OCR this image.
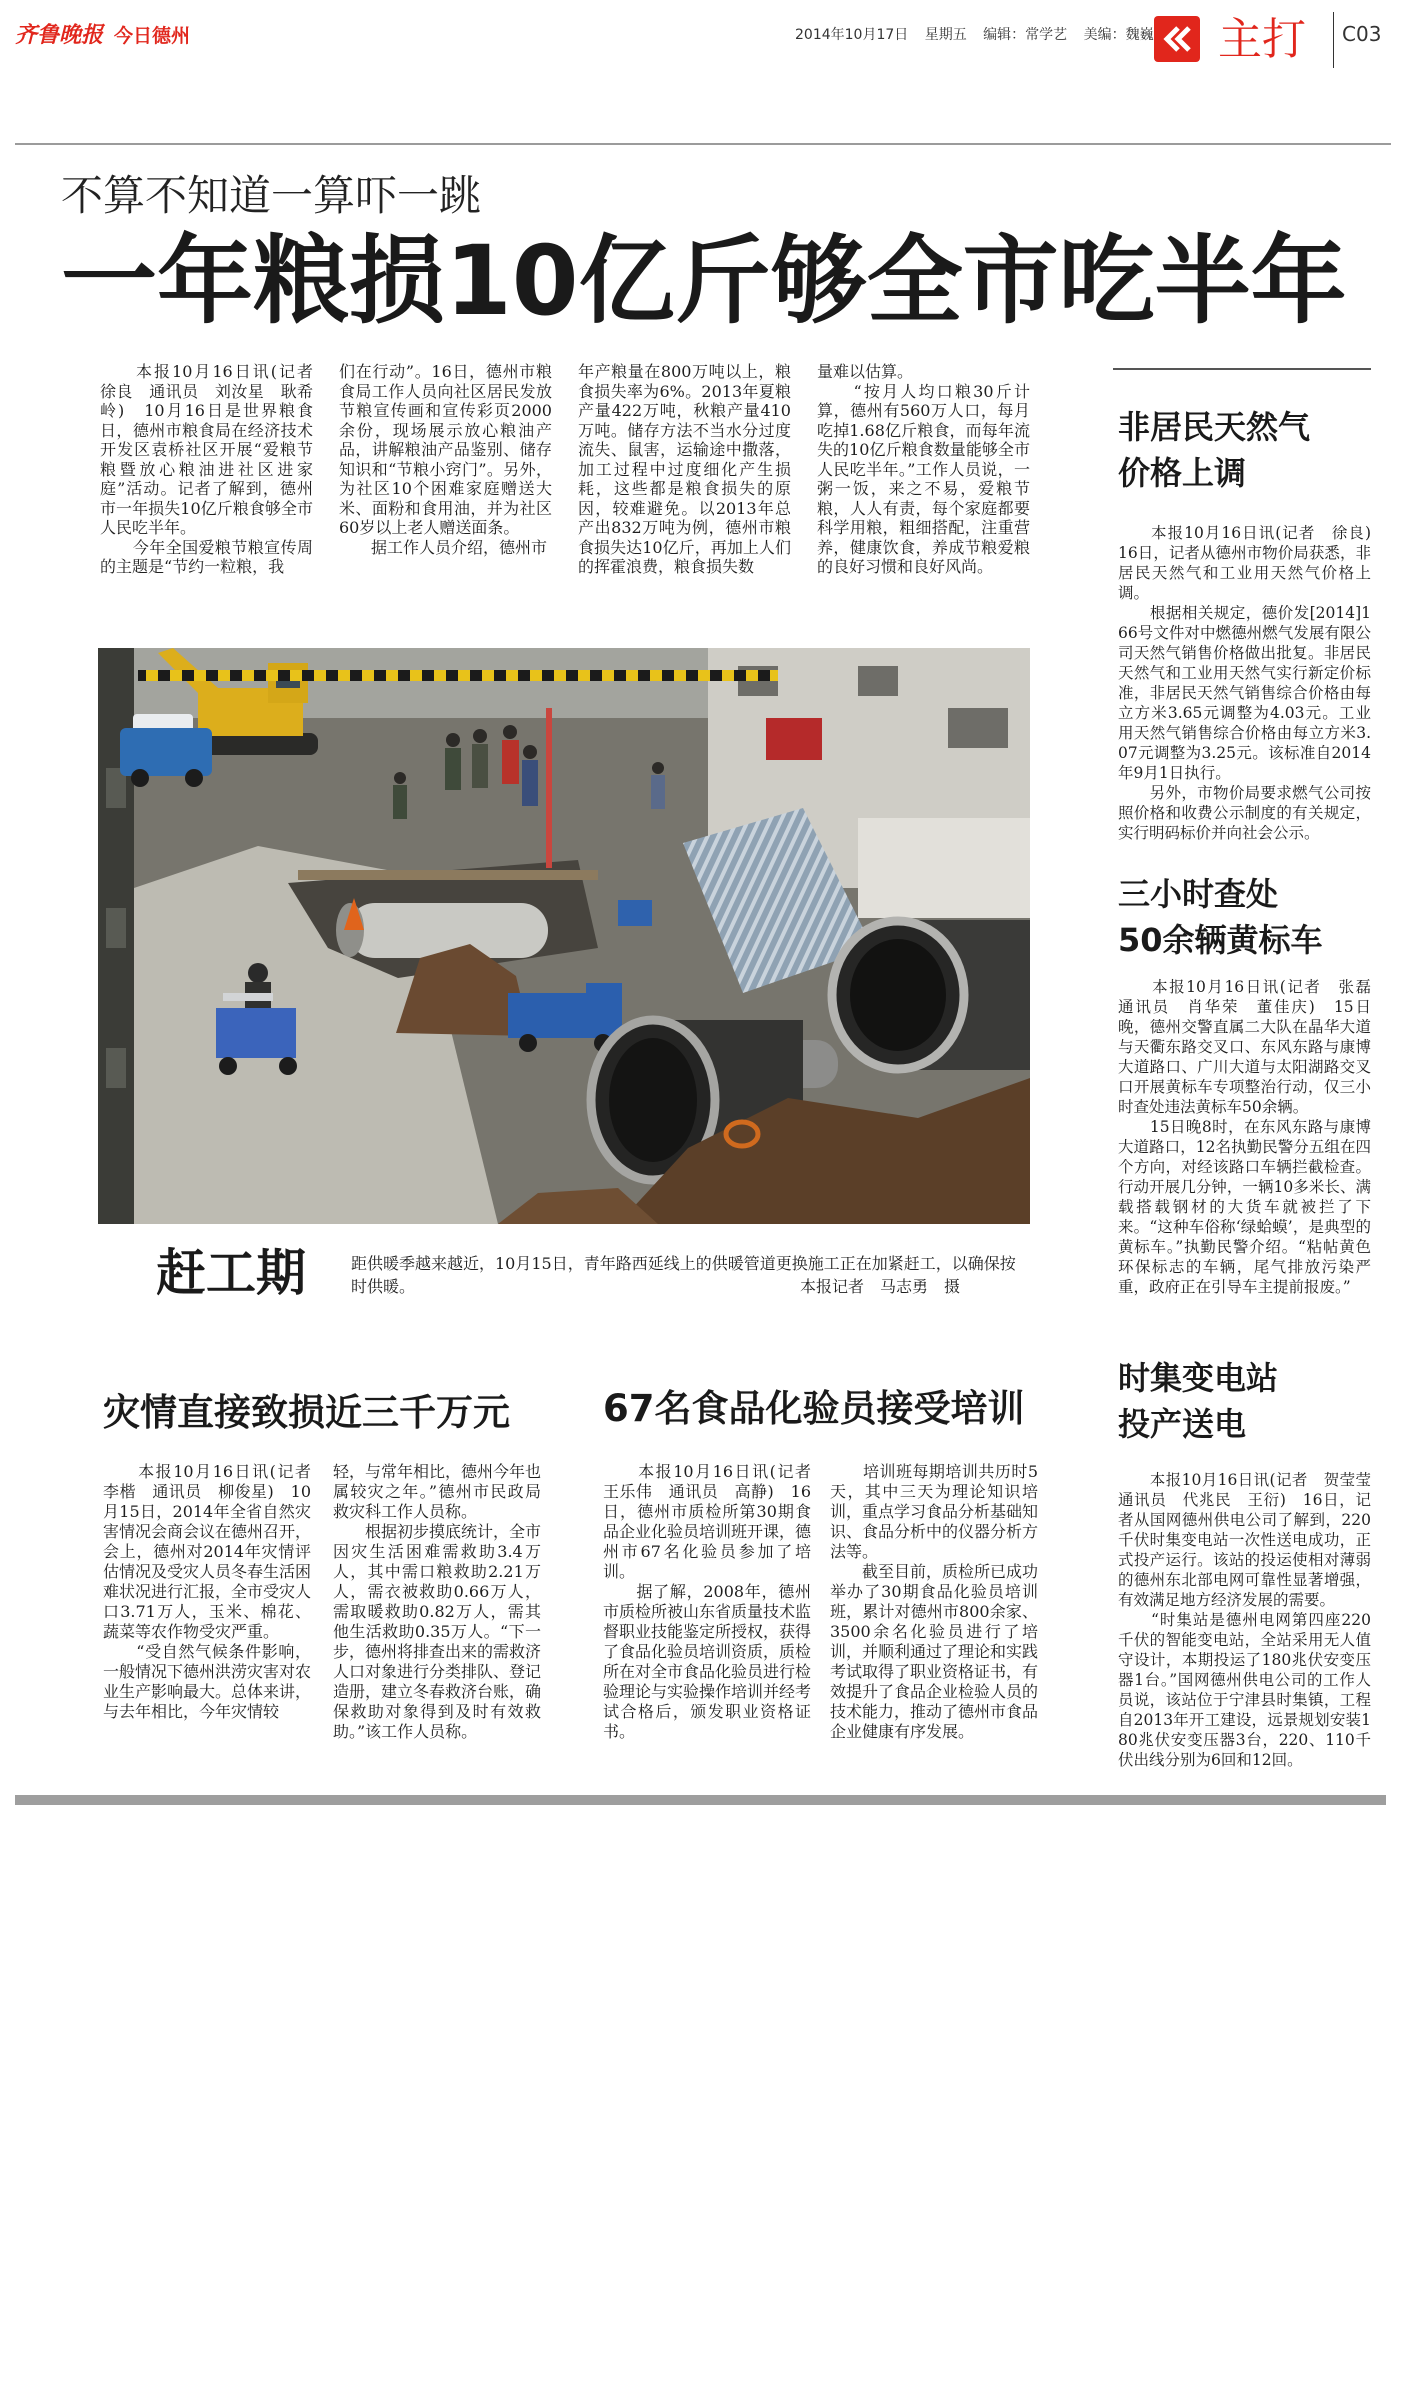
齐鲁晚报 今日德州	2014年10月17日 星期五 编辑：常学艺 美编：魏巍 主打 C03
不算不知道一算吓一跳
一年粮损10亿斤够全市吃半年

　　本报10月16日讯(记者　徐良　通讯员　刘汝星　耿希岭)　10月16日是世界粮食日，德州市粮食局在经济技术开发区袁桥社区开展“爱粮节粮暨放心粮油进社区进家庭”活动。记者了解到，德州市一年损失10亿斤粮食够全市人民吃半年。
　　今年全国爱粮节粮宣传周的主题是“节约一粒粮，我

们在行动”。16日，德州市粮食局工作人员向社区居民发放节粮宣传画和宣传彩页2000余份，现场展示放心粮油产品，讲解粮油产品鉴别、储存知识和“节粮小窍门”。另外，为社区10个困难家庭赠送大米、面粉和食用油，并为社区60岁以上老人赠送面条。
　　据工作人员介绍，德州市

年产粮量在800万吨以上，粮食损失率为6%。2013年夏粮产量422万吨，秋粮产量410万吨。储存方法不当水分过度流失、鼠害，运输途中撒落，加工过程中过度细化产生损耗，这些都是粮食损失的原因，较难避免。以2013年总产出832万吨为例，德州市粮食损失达10亿斤，再加上人们的挥霍浪费，粮食损失数

量难以估算。
　　“按月人均口粮30斤计算，德州有560万人口，每月吃掉1.68亿斤粮食，而每年流失的10亿斤粮食数量能够全市人民吃半年。”工作人员说，一粥一饭，来之不易，爱粮节粮，人人有责，每个家庭都要科学用粮，粗细搭配，注重营养，健康饮食，养成节粮爱粮的良好习惯和良好风尚。

赶工期	距供暖季越来越近，10月15日，青年路西延线上的供暖管道更换施工正在加紧赶工，以确保按时供暖。	本报记者　马志勇　摄

非居民天然气
价格上调

　　本报10月16日讯(记者　徐良)　16日，记者从德州市物价局获悉，非居民天然气和工业用天然气价格上调。
　　根据相关规定，德价发[2014]166号文件对中燃德州燃气发展有限公司天然气销售价格做出批复。非居民天然气和工业用天然气实行新定价标准，非居民天然气销售综合价格由每立方米3.65元调整为4.03元。工业用天然气销售综合价格由每立方米3.07元调整为3.25元。该标准自2014年9月1日执行。
　　另外，市物价局要求燃气公司按照价格和收费公示制度的有关规定，实行明码标价并向社会公示。

三小时查处
50余辆黄标车

　　本报10月16日讯(记者　张磊　通讯员　肖华荣　董佳庆)　15日晚，德州交警直属二大队在晶华大道与天衢东路交叉口、东风东路与康博大道路口、广川大道与太阳湖路交叉口开展黄标车专项整治行动，仅三小时查处违法黄标车50余辆。
　　15日晚8时，在东风东路与康博大道路口，12名执勤民警分五组在四个方向，对经该路口车辆拦截检查。行动开展几分钟，一辆10多米长、满载搭载钢材的大货车就被拦了下来。“这种车俗称‘绿蛤蟆’，是典型的黄标车。”执勤民警介绍。“粘帖黄色环保标志的车辆，尾气排放污染严重，政府正在引导车主提前报废。”

时集变电站
投产送电

　　本报10月16日讯(记者　贺莹莹　通讯员　代兆民　王衍)　16日，记者从国网德州供电公司了解到，220千伏时集变电站一次性送电成功，正式投产运行。该站的投运使相对薄弱的德州东北部电网可靠性显著增强，有效满足地方经济发展的需要。
　　“时集站是德州电网第四座220千伏的智能变电站，全站采用无人值守设计，本期投运了180兆伏安变压器1台。”国网德州供电公司的工作人员说，该站位于宁津县时集镇，工程自2013年开工建设，远景规划安装180兆伏安变压器3台，220、110千伏出线分别为6回和12回。

灾情直接致损近三千万元

　　本报10月16日讯(记者　李楷　通讯员　柳俊星)　10月15日，2014年全省自然灾害情况会商会议在德州召开，会上，德州对2014年灾情评估情况及受灾人员冬春生活困难状况进行汇报，全市受灾人口3.71万人，玉米、棉花、蔬菜等农作物受灾严重。
　　“受自然气候条件影响，一般情况下德州洪涝灾害对农业生产影响最大。总体来讲，与去年相比，今年灾情较

轻，与常年相比，德州今年也属较灾之年。”德州市民政局救灾科工作人员称。
　　根据初步摸底统计，全市因灾生活困难需救助3.4万人，其中需口粮救助2.21万人，需衣被救助0.66万人，需取暖救助0.82万人，需其他生活救助0.35万人。“下一步，德州将排查出来的需救济人口对象进行分类排队、登记造册，建立冬春救济台账，确保救助对象得到及时有效救助。”该工作人员称。

67名食品化验员接受培训

　　本报10月16日讯(记者　王乐伟　通讯员　高静)　16日，德州市质检所第30期食品企业化验员培训班开课，德州市67名化验员参加了培训。
　　据了解，2008年，德州市质检所被山东省质量技术监督职业技能鉴定所授权，获得了食品化验员培训资质，质检所在对全市食品化验员进行检验理论与实验操作培训并经考试合格后，颁发职业资格证书。

　　培训班每期培训共历时5天，其中三天为理论知识培训，重点学习食品分析基础知识、食品分析中的仪器分析方法等。
　　截至目前，质检所已成功举办了30期食品化验员培训班，累计对德州市800余家、3500余名化验员进行了培训，并顺利通过了理论和实践考试取得了职业资格证书，有效提升了食品企业检验人员的技术能力，推动了德州市食品企业健康有序发展。
